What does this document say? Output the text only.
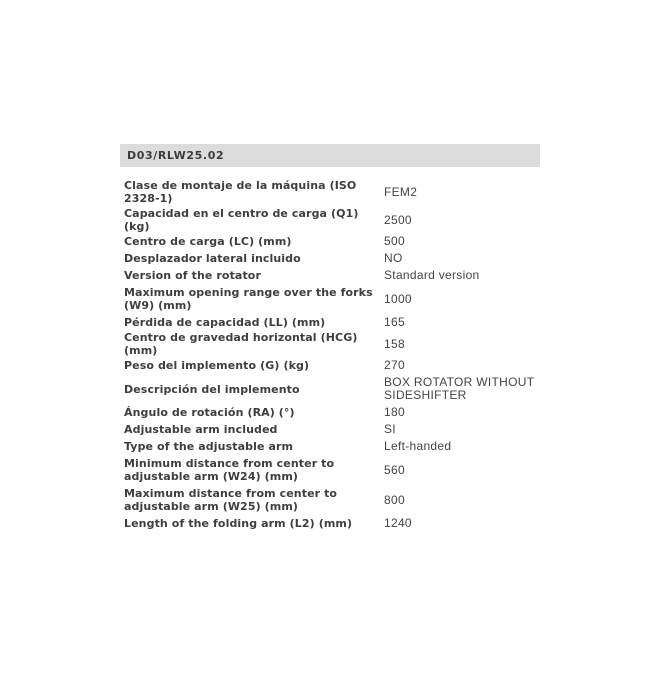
D03/RLW25.02
Clase de montaje de la máquina (ISO 2328-1)	FEM2
Capacidad en el centro de carga (Q1) (kg)	2500
Centro de carga (LC) (mm)	500
Desplazador lateral incluido	NO
Version of the rotator	Standard version
Maximum opening range over the forks (W9) (mm)	1000
Pérdida de capacidad (LL) (mm)	165
Centro de gravedad horizontal (HCG) (mm)	158
Peso del implemento (G) (kg)	270
Descripción del implemento	BOX ROTATOR WITHOUT SIDESHIFTER
Ángulo de rotación (RA) (°)	180
Adjustable arm included	SI
Type of the adjustable arm	Left-handed
Minimum distance from center to adjustable arm (W24) (mm)	560
Maximum distance from center to adjustable arm (W25) (mm)	800
Length of the folding arm (L2) (mm)	1240
